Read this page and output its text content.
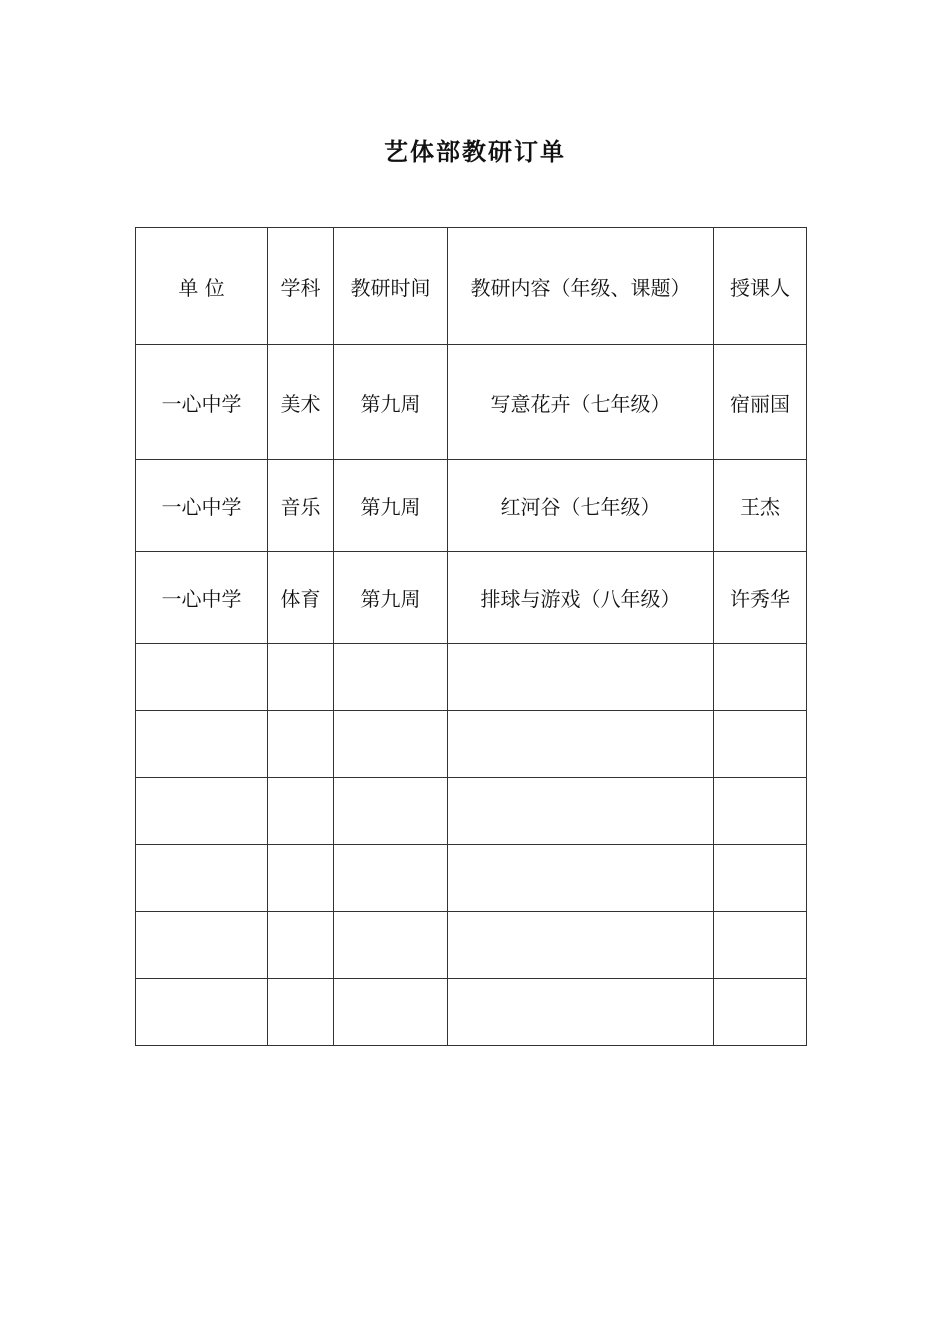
艺体部教研订单
单 位	学科	教研时间	教研内容（年级、课题）	授课人
一心中学	美术	第九周	写意花卉（七年级）	宿丽国
一心中学	音乐	第九周	红河谷（七年级）	王杰
一心中学	体育	第九周	排球与游戏（八年级）	许秀华
